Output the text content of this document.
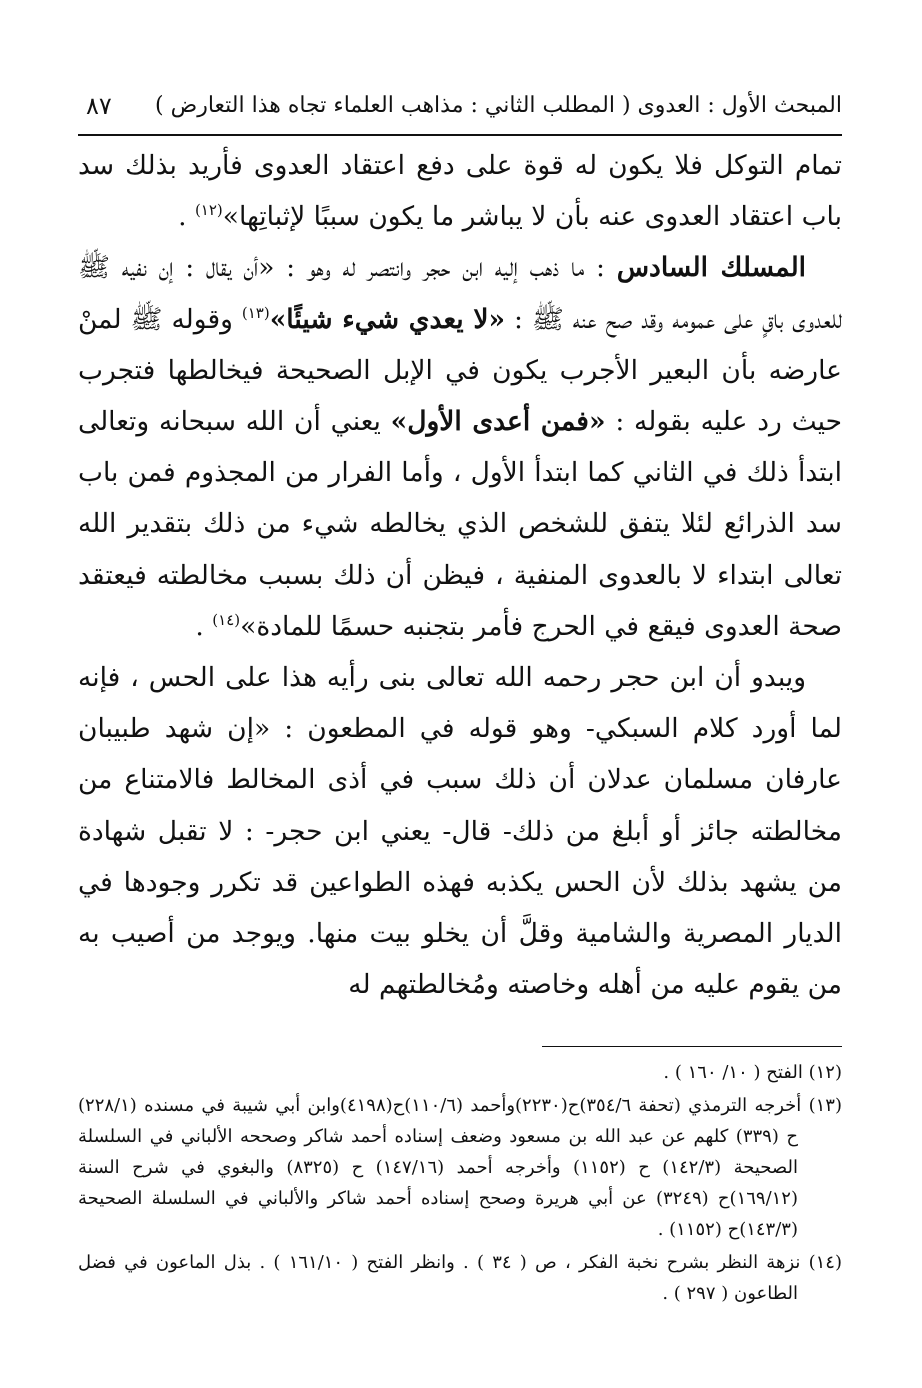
المبحث الأول : العدوى ( المطلب الثاني : مذاهب العلماء تجاه هذا التعارض )
٨٧

تمام التوكل فلا يكون له قوة على دفع اعتقاد العدوى فأريد بذلك سد باب اعتقاد العدوى عنه بأن لا يباشر ما يكون سببًا لإثباتِها»$^{(١٢)}$ .

المسلك السادس : ما ذهب إليه ابن حجر وانتصر له وهو : «أن يقال : إن نفيه ﷺ للعدوى باقٍ على عمومه وقد صح عنه ﷺ : «لا يعدي شيء شيئًا»$^{(١٣)}$ وقوله ﷺ لمنْ عارضه بأن البعير الأجرب يكون في الإبل الصحيحة فيخالطها فتجرب حيث رد عليه بقوله : «فمن أعدى الأول» يعني أن الله سبحانه وتعالى ابتدأ ذلك في الثاني كما ابتدأ الأول ، وأما الفرار من المجذوم فمن باب سد الذرائع لئلا يتفق للشخص الذي يخالطه شيء من ذلك بتقدير الله تعالى ابتداء لا بالعدوى المنفية ، فيظن أن ذلك بسبب مخالطته فيعتقد صحة العدوى فيقع في الحرج فأمر بتجنبه حسمًا للمادة»$^{(١٤)}$ .

ويبدو أن ابن حجر رحمه الله تعالى بنى رأيه هذا على الحس ، فإنه لما أورد كلام السبكي- وهو قوله في المطعون : «إن شهد طبيبان عارفان مسلمان عدلان أن ذلك سبب في أذى المخالط فالامتناع من مخالطته جائز أو أبلغ من ذلك- قال- يعني ابن حجر- : لا تقبل شهادة من يشهد بذلك لأن الحس يكذبه فهذه الطواعين قد تكرر وجودها في الديار المصرية والشامية وقلَّ أن يخلو بيت منها. ويوجد من أصيب به من يقوم عليه من أهله وخاصته ومُخالطتهم له

(١٢) الفتح ( ١٠/ ١٦٠ ) .

(١٣) أخرجه الترمذي (تحفة ٣٥٤/٦)ح(٢٢٣٠)وأحمد (١١٠/٦)ح(٤١٩٨)وابن أبي شيبة في مسنده (٢٢٨/١) ح (٣٣٩) كلهم عن عبد الله بن مسعود وضعف إسناده أحمد شاكر وصححه الألباني في السلسلة الصحيحة (١٤٢/٣) ح (١١٥٢) وأخرجه أحمد (١٤٧/١٦) ح (٨٣٢٥) والبغوي في شرح السنة (١٦٩/١٢)ح (٣٢٤٩) عن أبي هريرة وصحح إسناده أحمد شاكر والألباني في السلسلة الصحيحة (١٤٣/٣)ح (١١٥٢) .

(١٤) نزهة النظر بشرح نخبة الفكر ، ص ( ٣٤ ) . وانظر الفتح ( ١٦١/١٠ ) . بذل الماعون في فضل الطاعون ( ٢٩٧ ) .
